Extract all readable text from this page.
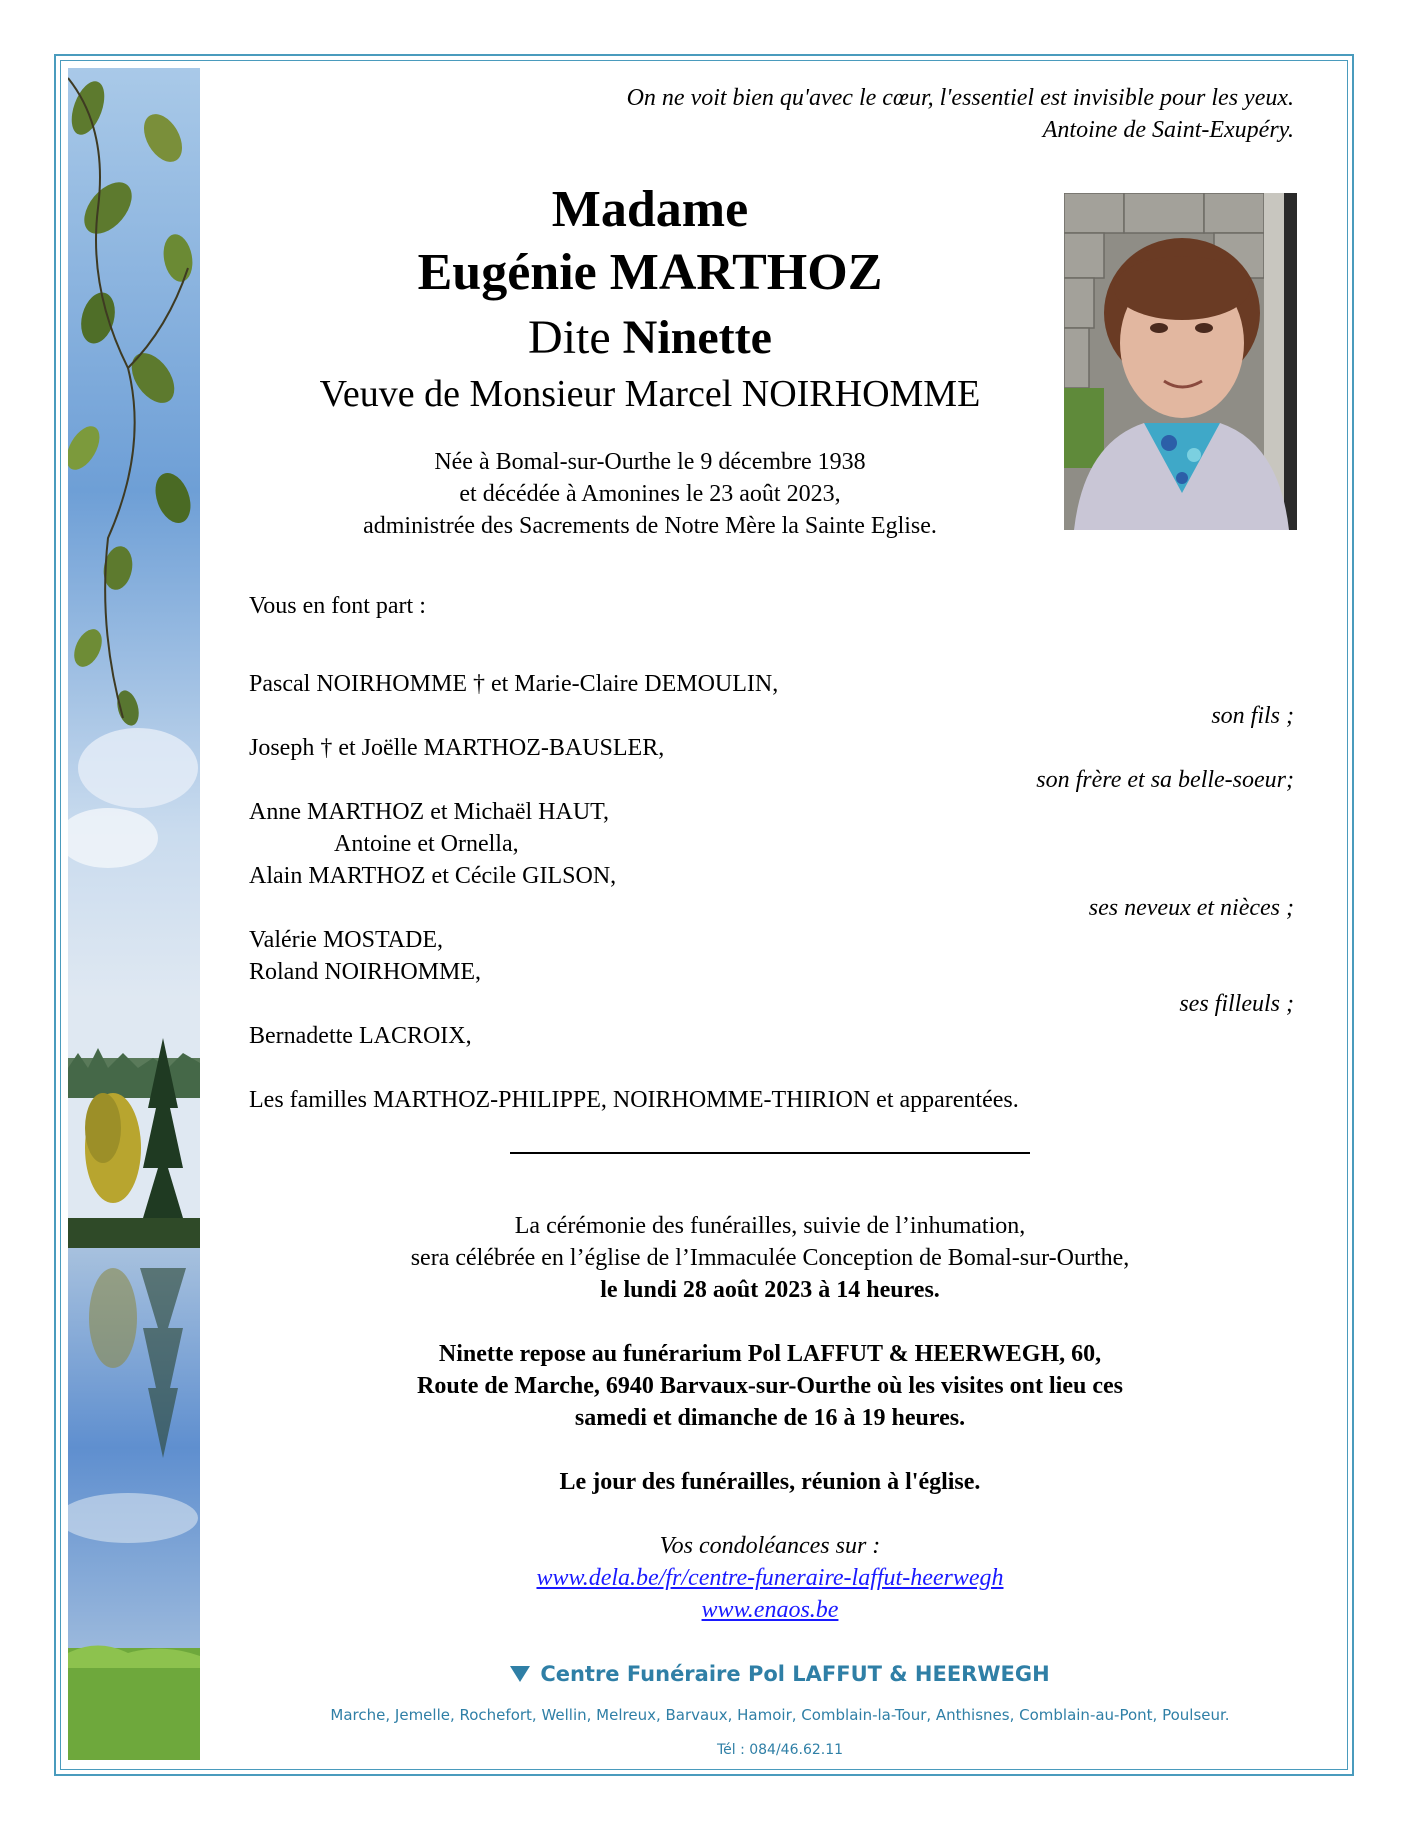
On ne voit bien qu'avec le cœur, l'essentiel est invisible pour les yeux.
Antoine de Saint-Exupéry.
Madame
Eugénie MARTHOZ
Dite Ninette
Veuve de Monsieur Marcel NOIRHOMME
Née à Bomal-sur-Ourthe le 9 décembre 1938
et décédée à Amonines le 23 août 2023,
administrée des Sacrements de Notre Mère la Sainte Eglise.
Vous en font part :
Pascal NOIRHOMME † et Marie-Claire DEMOULIN,
son fils ;
Joseph † et Joëlle MARTHOZ-BAUSLER,
son frère et sa belle-soeur;
Anne MARTHOZ et Michaël HAUT,
Antoine et Ornella,
Alain MARTHOZ et Cécile GILSON,
ses neveux et nièces ;
Valérie MOSTADE,
Roland NOIRHOMME,
ses filleuls ;
Bernadette LACROIX,
Les familles MARTHOZ-PHILIPPE, NOIRHOMME-THIRION et apparentées.
La cérémonie des funérailles, suivie de l’inhumation,
sera célébrée en l’église de l’Immaculée Conception de Bomal-sur-Ourthe,
le lundi 28 août 2023 à 14 heures.
Ninette repose au funérarium Pol LAFFUT & HEERWEGH, 60,
Route de Marche, 6940 Barvaux-sur-Ourthe où les visites ont lieu ces
samedi et dimanche de 16 à 19 heures.
Le jour des funérailles, réunion à l'église.
Vos condoléances sur :
www.dela.be/fr/centre-funeraire-laffut-heerwegh
www.enaos.be
Centre Funéraire Pol LAFFUT & HEERWEGH
Marche, Jemelle, Rochefort, Wellin, Melreux, Barvaux, Hamoir, Comblain-la-Tour, Anthisnes, Comblain-au-Pont, Poulseur.
Tél : 084/46.62.11
